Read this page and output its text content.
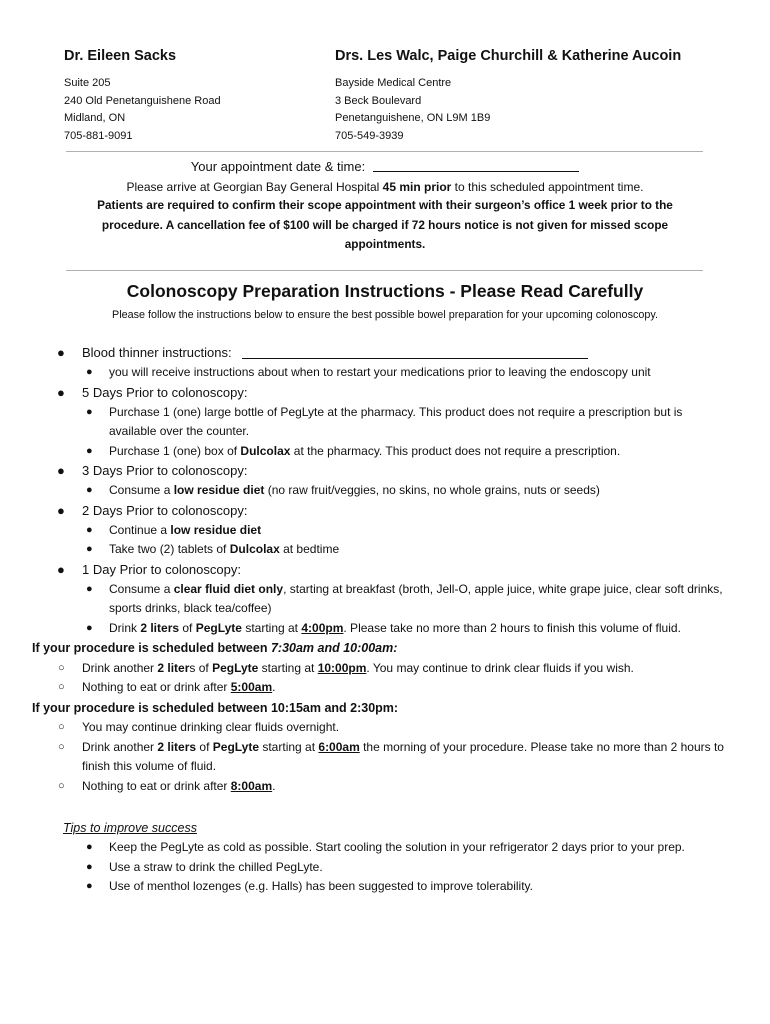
Dr. Eileen Sacks
Suite 205
240 Old Penetanguishene Road
Midland, ON
705-881-9091
Drs. Les Walc, Paige Churchill & Katherine Aucoin
Bayside Medical Centre
3 Beck Boulevard
Penetanguishene, ON L9M 1B9
705-549-3939
Your appointment date & time:
Please arrive at Georgian Bay General Hospital 45 min prior to this scheduled appointment time.
Patients are required to confirm their scope appointment with their surgeon’s office 1 week prior to the procedure. A cancellation fee of $100 will be charged if 72 hours notice is not given for missed scope appointments.
Colonoscopy Preparation Instructions - Please Read Carefully
Please follow the instructions below to ensure the best possible bowel preparation for your upcoming colonoscopy.
● Blood thinner instructions:
● you will receive instructions about when to restart your medications prior to leaving the endoscopy unit
● 5 Days Prior to colonoscopy:
● Purchase 1 (one) large bottle of PegLyte at the pharmacy. This product does not require a prescription but is available over the counter.
● Purchase 1 (one) box of Dulcolax at the pharmacy. This product does not require a prescription.
● 3 Days Prior to colonoscopy:
● Consume a low residue diet (no raw fruit/veggies, no skins, no whole grains, nuts or seeds)
● 2 Days Prior to colonoscopy:
● Continue a low residue diet
● Take two (2) tablets of Dulcolax at bedtime
● 1 Day Prior to colonoscopy:
● Consume a clear fluid diet only, starting at breakfast (broth, Jell-O, apple juice, white grape juice, clear soft drinks, sports drinks, black tea/coffee)
● Drink 2 liters of PegLyte starting at 4:00pm. Please take no more than 2 hours to finish this volume of fluid.
If your procedure is scheduled between 7:30am and 10:00am:
○ Drink another 2 liters of PegLyte starting at 10:00pm. You may continue to drink clear fluids if you wish.
○ Nothing to eat or drink after 5:00am.
If your procedure is scheduled between 10:15am and 2:30pm:
○ You may continue drinking clear fluids overnight.
○ Drink another 2 liters of PegLyte starting at 6:00am the morning of your procedure. Please take no more than 2 hours to finish this volume of fluid.
○ Nothing to eat or drink after 8:00am.
Tips to improve success
● Keep the PegLyte as cold as possible. Start cooling the solution in your refrigerator 2 days prior to your prep.
● Use a straw to drink the chilled PegLyte.
● Use of menthol lozenges (e.g. Halls) has been suggested to improve tolerability.
